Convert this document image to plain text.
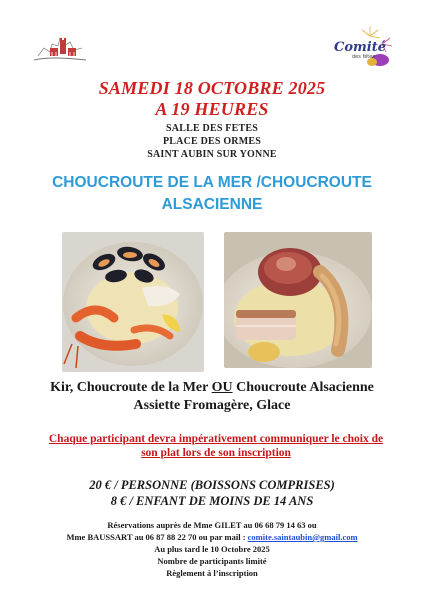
Comité
des fêtes
SAMEDI 18 OCTOBRE 2025
A 19 HEURES
SALLE DES FETES
PLACE DES ORMES
SAINT AUBIN SUR YONNE
CHOUCROUTE DE LA MER /CHOUCROUTE
ALSACIENNE
Kir, Choucroute de la Mer OU Choucroute Alsacienne
Assiette Fromagère, Glace
Chaque participant devra impérativement communiquer le choix de
son plat lors de son inscription
20 € / PERSONNE (BOISSONS COMPRISES)
8 € / ENFANT DE MOINS DE 14 ANS
Réservations auprès de Mme GILET au 06 68 79 14 63 ou
Mme BAUSSART au 06 87 88 22 70 ou par mail : comite.saintaubin@gmail.com
Au plus tard le 10 Octobre 2025
Nombre de participants limité
Règlement à l’inscription
